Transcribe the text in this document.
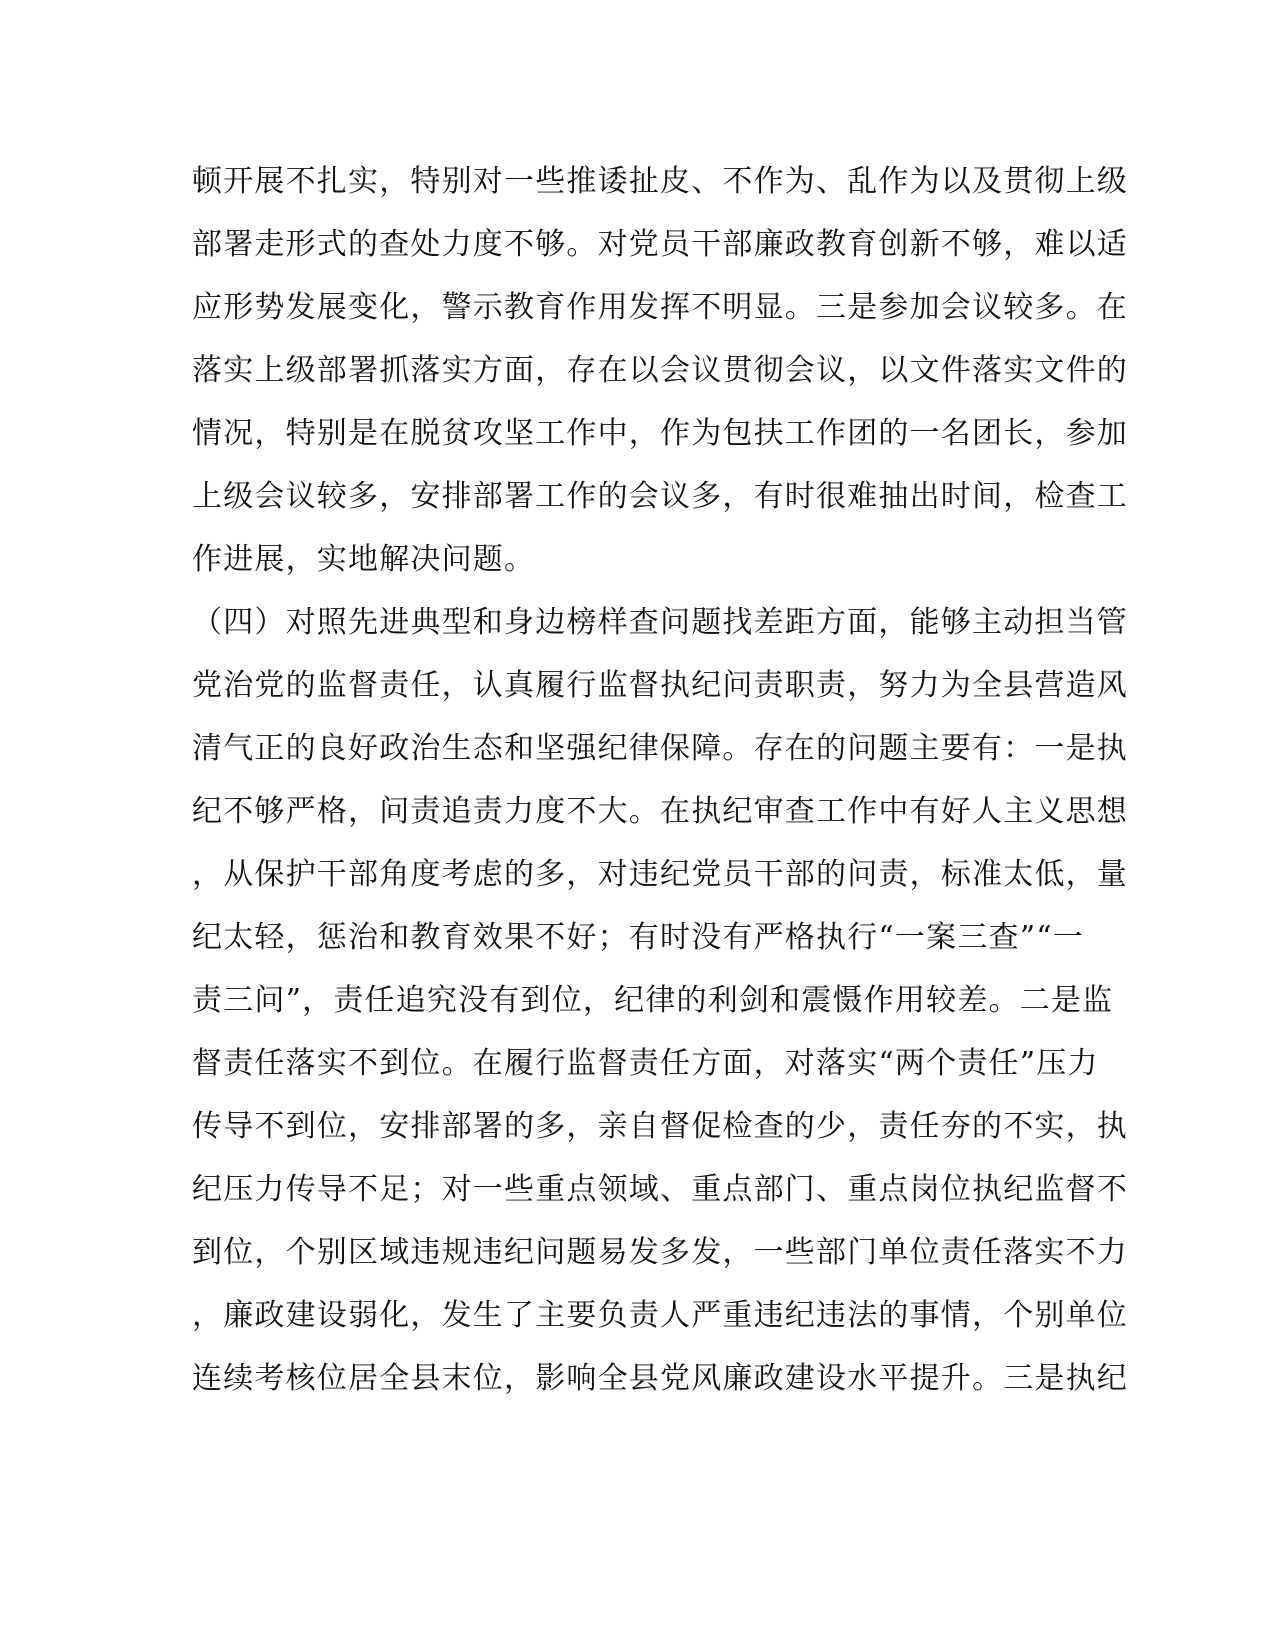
顿开展不扎实，特别对一些推诿扯皮、不作为、乱作为以及贯彻上级
部署走形式的查处力度不够。对党员干部廉政教育创新不够，难以适
应形势发展变化，警示教育作用发挥不明显。三是参加会议较多。在
落实上级部署抓落实方面，存在以会议贯彻会议，以文件落实文件的
情况，特别是在脱贫攻坚工作中，作为包扶工作团的一名团长，参加
上级会议较多，安排部署工作的会议多，有时很难抽出时间，检查工
作进展，实地解决问题。
（四）对照先进典型和身边榜样查问题找差距方面，能够主动担当管
党治党的监督责任，认真履行监督执纪问责职责，努力为全县营造风
清气正的良好政治生态和坚强纪律保障。存在的问题主要有：一是执
纪不够严格，问责追责力度不大。在执纪审查工作中有好人主义思想
，从保护干部角度考虑的多，对违纪党员干部的问责，标准太低，量
纪太轻，惩治和教育效果不好；有时没有严格执行“一案三查”“一
责三问”，责任追究没有到位，纪律的利剑和震慑作用较差。二是监
督责任落实不到位。在履行监督责任方面，对落实“两个责任”压力
传导不到位，安排部署的多，亲自督促检查的少，责任夯的不实，执
纪压力传导不足；对一些重点领域、重点部门、重点岗位执纪监督不
到位，个别区域违规违纪问题易发多发，一些部门单位责任落实不力
，廉政建设弱化，发生了主要负责人严重违纪违法的事情，个别单位
连续考核位居全县末位，影响全县党风廉政建设水平提升。三是执纪
